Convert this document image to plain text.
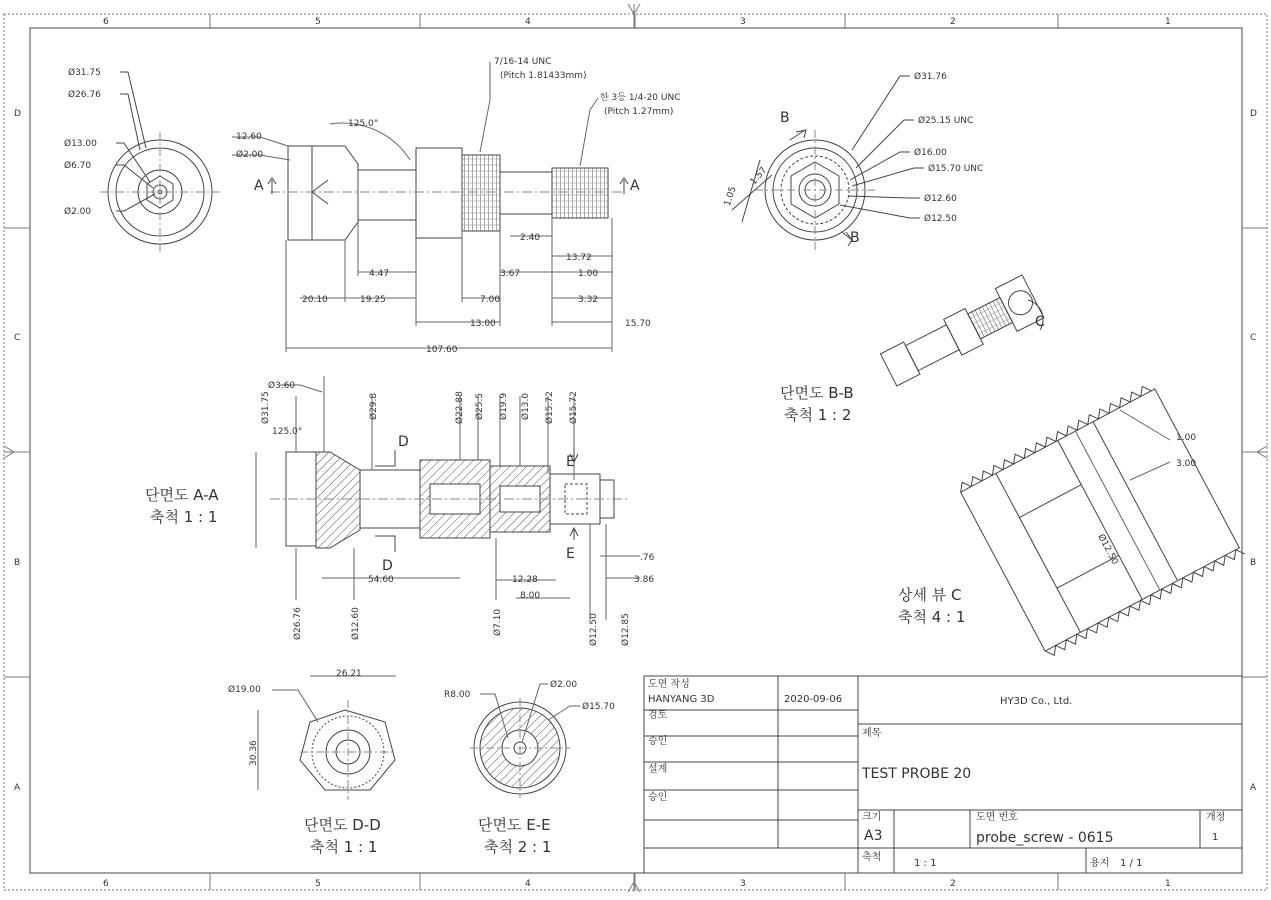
6	5	4	3	2	1
6	5	4	3	2	1
D
C
B
A
D
C
B
A
Ø31.75
Ø26.76
Ø13.00
Ø6.70
Ø2.00
A	A
12.60
Ø2.00
125.0°
4.47
20.10	19.25	7.00
13.00
3.67
2.40
13.72
1.00
3.32
15.70
107.60
7/16-14 UNC
(Pitch 1.81433mm)
한 3등 1/4-20 UNC
(Pitch 1.27mm)	B
B
Ø31.76
Ø25.15 UNC
Ø16.00
Ø15.70 UNC
Ø12.60
Ø12.50
1.57
1.05
C
단면도 B-B
축척 1 : 2
Ø3.60
Ø31.75
125.0°
Ø29.8	Ø22.88 Ø25.5 Ø19.9 Ø13.0 Ø15.72 Ø15.72
Ø26.76	Ø12.60
54.60
Ø7.10
12.28
8.00
Ø12.50 Ø12.85
.76
3.86
D
D
E
E
단면도 A-A
축척 1 : 1
1.00
3.00
Ø12.50
상세 뷰 C
축척 4 : 1
Ø19.00
26.21
30.36
단면도 D-D
축척 1 : 1
R8.00
Ø2.00
Ø15.70
단면도 E-E
축척 2 : 1
도면 작성
HANYANG 3D	2020-09-06
검토
승인
설계
승인
HY3D Co., Ltd.
제목
TEST PROBE 20
크기
A3
도면 번호
probe_screw - 0615
개정
1
축척
1 : 1	용지 1 / 1
